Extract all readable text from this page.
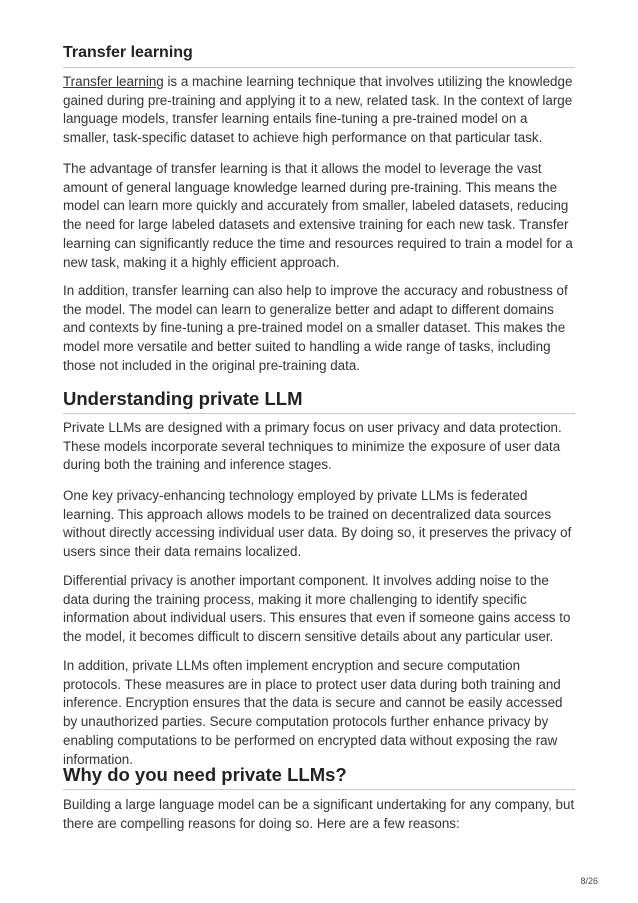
Transfer learning

Transfer learning is a machine learning technique that involves utilizing the knowledge gained during pre-training and applying it to a new, related task. In the context of large language models, transfer learning entails fine-tuning a pre-trained model on a smaller, task-specific dataset to achieve high performance on that particular task.

The advantage of transfer learning is that it allows the model to leverage the vast amount of general language knowledge learned during pre-training. This means the model can learn more quickly and accurately from smaller, labeled datasets, reducing the need for large labeled datasets and extensive training for each new task. Transfer learning can significantly reduce the time and resources required to train a model for a new task, making it a highly efficient approach.

In addition, transfer learning can also help to improve the accuracy and robustness of the model. The model can learn to generalize better and adapt to different domains and contexts by fine-tuning a pre-trained model on a smaller dataset. This makes the model more versatile and better suited to handling a wide range of tasks, including those not included in the original pre-training data.

Understanding private LLM

Private LLMs are designed with a primary focus on user privacy and data protection. These models incorporate several techniques to minimize the exposure of user data during both the training and inference stages.

One key privacy-enhancing technology employed by private LLMs is federated learning. This approach allows models to be trained on decentralized data sources without directly accessing individual user data. By doing so, it preserves the privacy of users since their data remains localized.

Differential privacy is another important component. It involves adding noise to the data during the training process, making it more challenging to identify specific information about individual users. This ensures that even if someone gains access to the model, it becomes difficult to discern sensitive details about any particular user.

In addition, private LLMs often implement encryption and secure computation protocols. These measures are in place to protect user data during both training and inference. Encryption ensures that the data is secure and cannot be easily accessed by unauthorized parties. Secure computation protocols further enhance privacy by enabling computations to be performed on encrypted data without exposing the raw information.

Why do you need private LLMs?

Building a large language model can be a significant undertaking for any company, but there are compelling reasons for doing so. Here are a few reasons:

8/26
